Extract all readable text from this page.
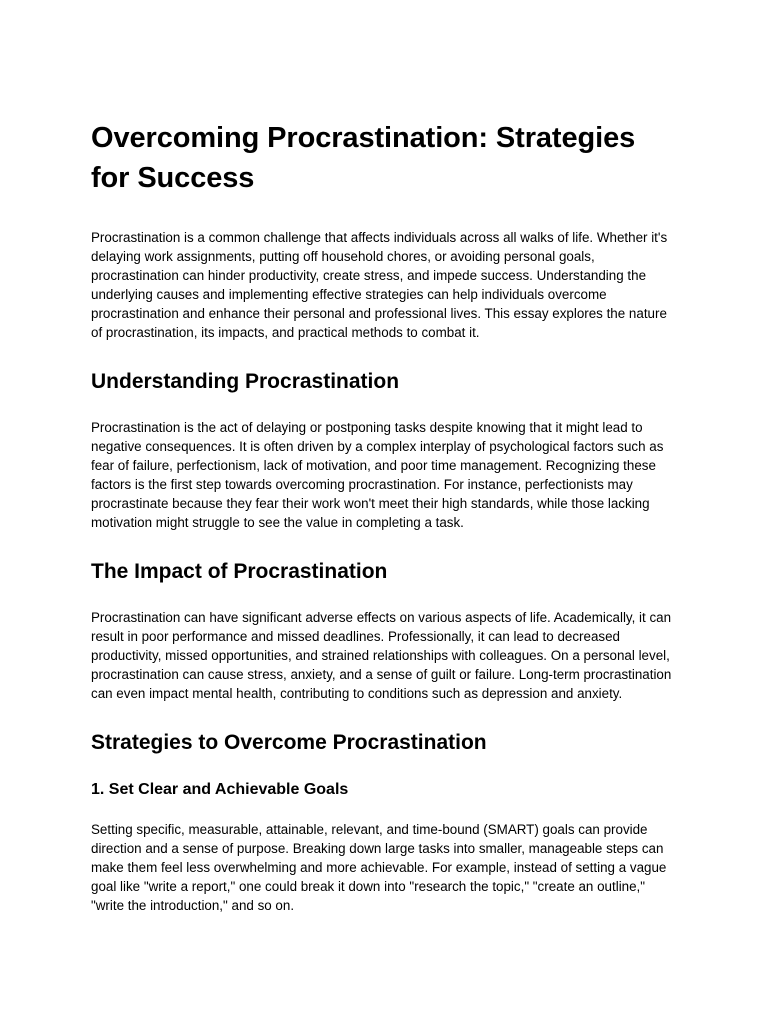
Overcoming Procrastination: Strategies for Success

Procrastination is a common challenge that affects individuals across all walks of life. Whether it's delaying work assignments, putting off household chores, or avoiding personal goals, procrastination can hinder productivity, create stress, and impede success. Understanding the underlying causes and implementing effective strategies can help individuals overcome procrastination and enhance their personal and professional lives. This essay explores the nature of procrastination, its impacts, and practical methods to combat it.

Understanding Procrastination

Procrastination is the act of delaying or postponing tasks despite knowing that it might lead to negative consequences. It is often driven by a complex interplay of psychological factors such as fear of failure, perfectionism, lack of motivation, and poor time management. Recognizing these factors is the first step towards overcoming procrastination. For instance, perfectionists may procrastinate because they fear their work won't meet their high standards, while those lacking motivation might struggle to see the value in completing a task.

The Impact of Procrastination

Procrastination can have significant adverse effects on various aspects of life. Academically, it can result in poor performance and missed deadlines. Professionally, it can lead to decreased productivity, missed opportunities, and strained relationships with colleagues. On a personal level, procrastination can cause stress, anxiety, and a sense of guilt or failure. Long-term procrastination can even impact mental health, contributing to conditions such as depression and anxiety.

Strategies to Overcome Procrastination
1. Set Clear and Achievable Goals

Setting specific, measurable, attainable, relevant, and time-bound (SMART) goals can provide direction and a sense of purpose. Breaking down large tasks into smaller, manageable steps can make them feel less overwhelming and more achievable. For example, instead of setting a vague goal like "write a report," one could break it down into "research the topic," "create an outline," "write the introduction," and so on.
